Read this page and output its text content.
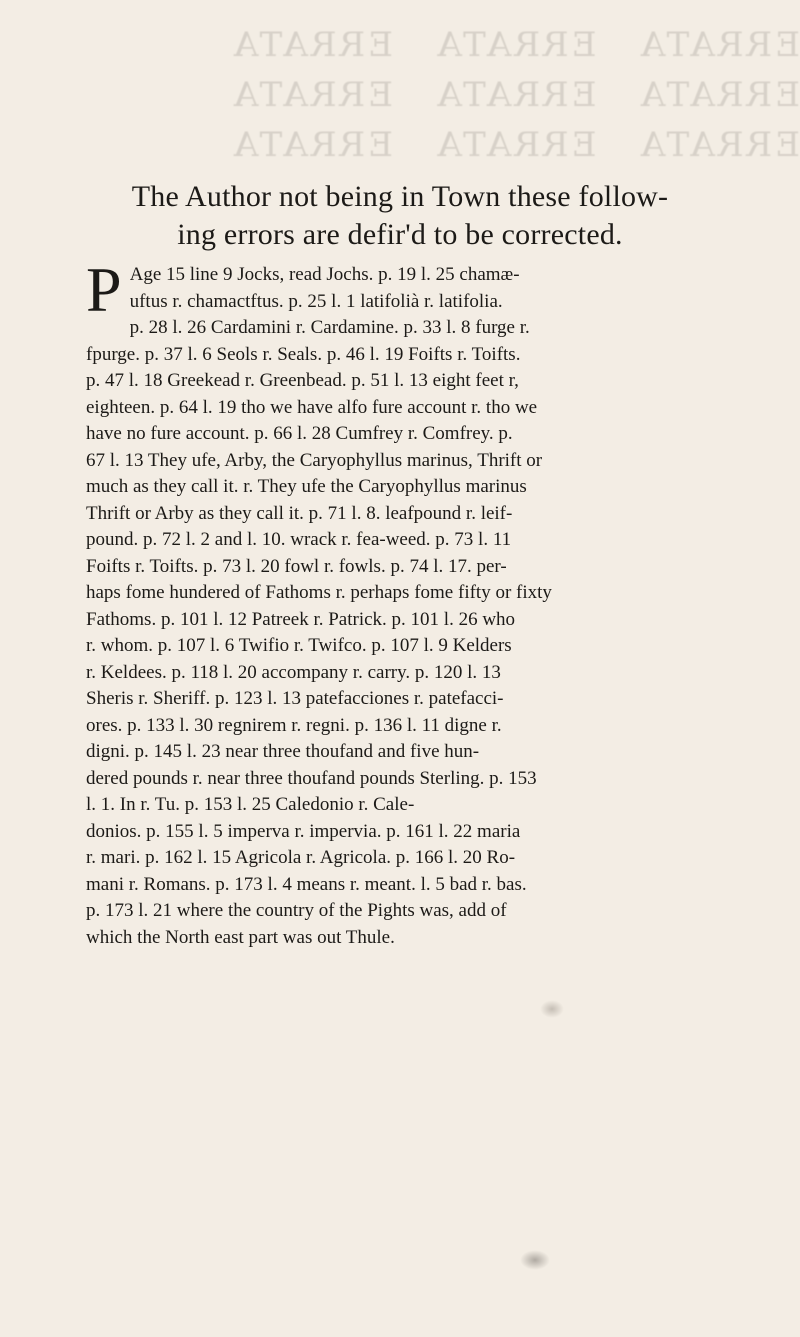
ERRATA   ERRATA   ERRATA
ERRATA   ERRATA   ERRATA
ERRATA   ERRATA   ERRATA
The Author not being in Town these follow-
ing errors are defir'd to be corrected.
P Age 15 line 9 Jocks, read Jochs. p. 19 l. 25 chamæ-
uftus r. chamactftus. p. 25 l. 1 latifolià r. latifolia.
p. 28 l. 26 Cardamini r. Cardamine. p. 33 l. 8 furge r.
fpurge. p. 37 l. 6 Seols r. Seals. p. 46 l. 19 Foifts r. Toifts.
p. 47 l. 18 Greekead r. Greenbead. p. 51 l. 13 eight feet r,
eighteen. p. 64 l. 19 tho we have alfo fure account r. tho we
have no fure account. p. 66 l. 28 Cumfrey r. Comfrey. p.
67 l. 13 They ufe, Arby, the Caryophyllus marinus, Thrift or
much as they call it. r. They ufe the Caryophyllus marinus
Thrift or Arby as they call it. p. 71 l. 8. leafpound r. leif-
pound. p. 72 l. 2 and l. 10. wrack r. fea-weed. p. 73 l. 11
Foifts r. Toifts. p. 73 l. 20 fowl r. fowls. p. 74 l. 17. per-
haps fome hundered of Fathoms r. perhaps fome fifty or fixty
Fathoms. p. 101 l. 12 Patreek r. Patrick. p. 101 l. 26 who
r. whom. p. 107 l. 6 Twifio r. Twifco. p. 107 l. 9 Kelders
r. Keldees. p. 118 l. 20 accompany r. carry. p. 120 l. 13
Sheris r. Sheriff. p. 123 l. 13 patefacciones r. patefacci-
ores. p. 133 l. 30 regnirem r. regni. p. 136 l. 11 digne r.
digni. p. 145 l. 23 near three thoufand and five hun-
dered pounds r. near three thoufand pounds Sterling. p. 153
l. 1. In r. Tu. p. 153 l. 25 Caledonio r. Cale-
donios. p. 155 l. 5 imperva r. impervia. p. 161 l. 22 maria
r. mari. p. 162 l. 15 Agricola r. Agricola. p. 166 l. 20 Ro-
mani r. Romans. p. 173 l. 4 means r. meant. l. 5 bad r. bas.
p. 173 l. 21 where the country of the Pights was, add of
which the North east part was out Thule.
